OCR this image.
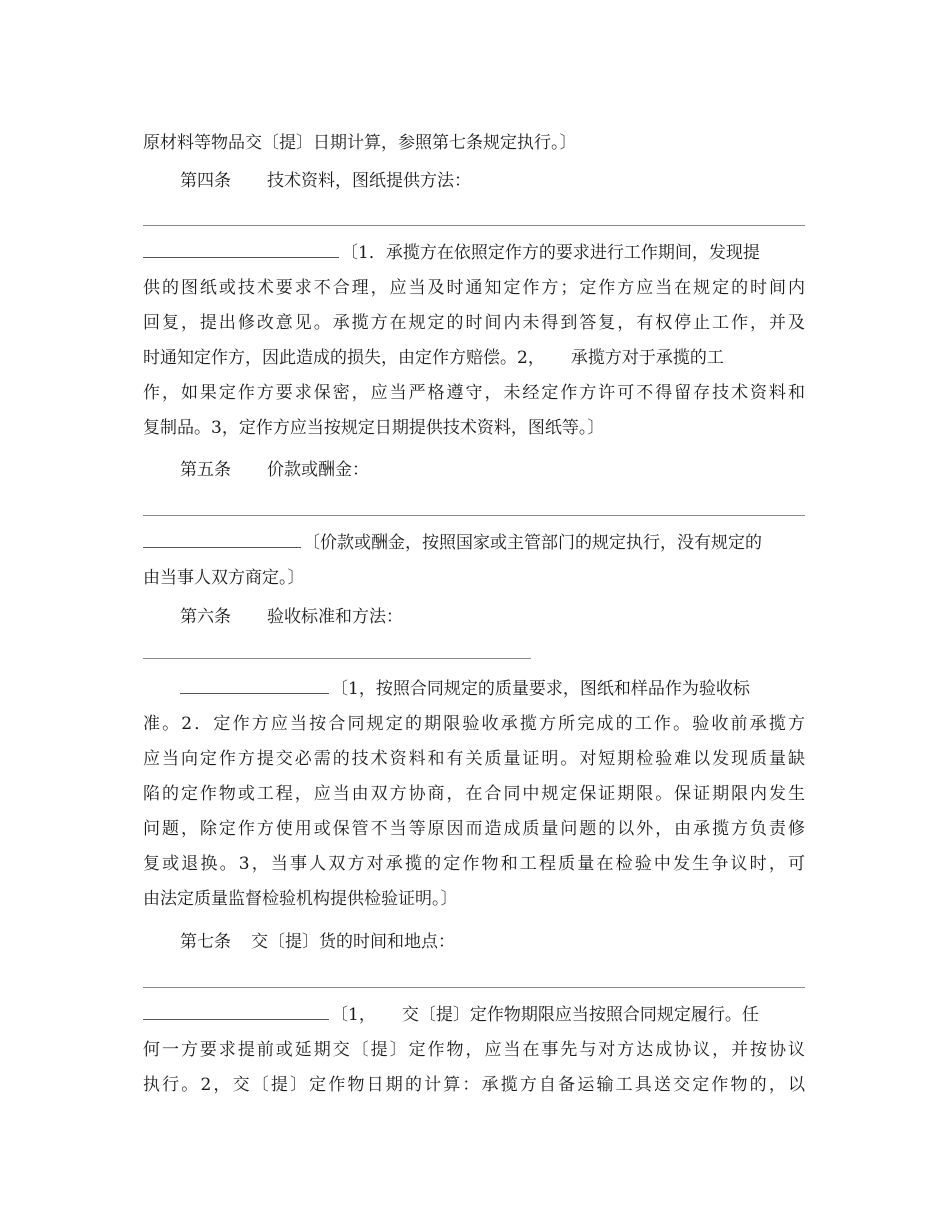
原材料等物品交〔提〕日期计算，参照第七条规定执行。〕
第四条 技术资料，图纸提供方法：
〔1．承揽方在依照定作方的要求进行工作期间，发现提
供的图纸或技术要求不合理，应当及时通知定作方；定作方应当在规定的时间内
回复，提出修改意见。承揽方在规定的时间内未得到答复，有权停止工作，并及
时通知定作方，因此造成的损失，由定作方赔偿。2， 承揽方对于承揽的工
作，如果定作方要求保密，应当严格遵守，未经定作方许可不得留存技术资料和
复制品。3，定作方应当按规定日期提供技术资料，图纸等。〕
第五条 价款或酬金：
〔价款或酬金，按照国家或主管部门的规定执行，没有规定的
由当事人双方商定。〕
第六条 验收标准和方法：
〔1，按照合同规定的质量要求，图纸和样品作为验收标
准。2．定作方应当按合同规定的期限验收承揽方所完成的工作。验收前承揽方
应当向定作方提交必需的技术资料和有关质量证明。对短期检验难以发现质量缺
陷的定作物或工程，应当由双方协商，在合同中规定保证期限。保证期限内发生
问题，除定作方使用或保管不当等原因而造成质量问题的以外，由承揽方负责修
复或退换。3，当事人双方对承揽的定作物和工程质量在检验中发生争议时，可
由法定质量监督检验机构提供检验证明。〕
第七条 交〔提〕货的时间和地点：
〔1， 交〔提〕定作物期限应当按照合同规定履行。任
何一方要求提前或延期交〔提〕定作物，应当在事先与对方达成协议，并按协议
执行。2，交〔提〕定作物日期的计算：承揽方自备运输工具送交定作物的，以
